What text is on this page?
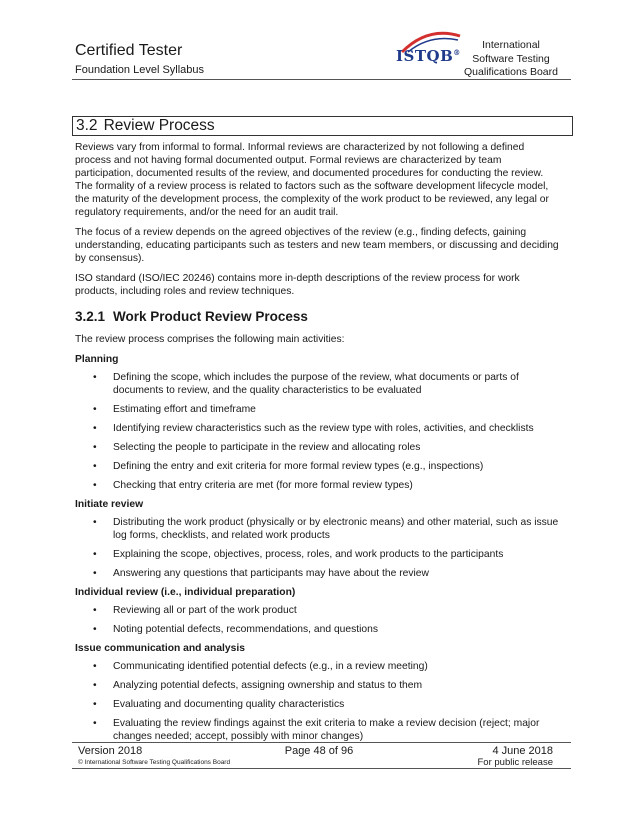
Certified Tester
Foundation Level Syllabus
ISTQB®
International
Software Testing
Qualifications Board
3.2 Review Process

Reviews vary from informal to formal. Informal reviews are characterized by not following a defined process and not having formal documented output. Formal reviews are characterized by team participation, documented results of the review, and documented procedures for conducting the review. The formality of a review process is related to factors such as the software development lifecycle model, the maturity of the development process, the complexity of the work product to be reviewed, any legal or regulatory requirements, and/or the need for an audit trail.

The focus of a review depends on the agreed objectives of the review (e.g., finding defects, gaining understanding, educating participants such as testers and new team members, or discussing and deciding by consensus).

ISO standard (ISO/IEC 20246) contains more in-depth descriptions of the review process for work products, including roles and review techniques.

3.2.1 Work Product Review Process

The review process comprises the following main activities:

Planning
• Defining the scope, which includes the purpose of the review, what documents or parts of documents to review, and the quality characteristics to be evaluated
• Estimating effort and timeframe
• Identifying review characteristics such as the review type with roles, activities, and checklists
• Selecting the people to participate in the review and allocating roles
• Defining the entry and exit criteria for more formal review types (e.g., inspections)
• Checking that entry criteria are met (for more formal review types)
Initiate review
• Distributing the work product (physically or by electronic means) and other material, such as issue log forms, checklists, and related work products
• Explaining the scope, objectives, process, roles, and work products to the participants
• Answering any questions that participants may have about the review
Individual review (i.e., individual preparation)
• Reviewing all or part of the work product
• Noting potential defects, recommendations, and questions
Issue communication and analysis
• Communicating identified potential defects (e.g., in a review meeting)
• Analyzing potential defects, assigning ownership and status to them
• Evaluating and documenting quality characteristics
• Evaluating the review findings against the exit criteria to make a review decision (reject; major changes needed; accept, possibly with minor changes)
Version 2018	Page 48 of 96	4 June 2018
© International Software Testing Qualifications Board	For public release
